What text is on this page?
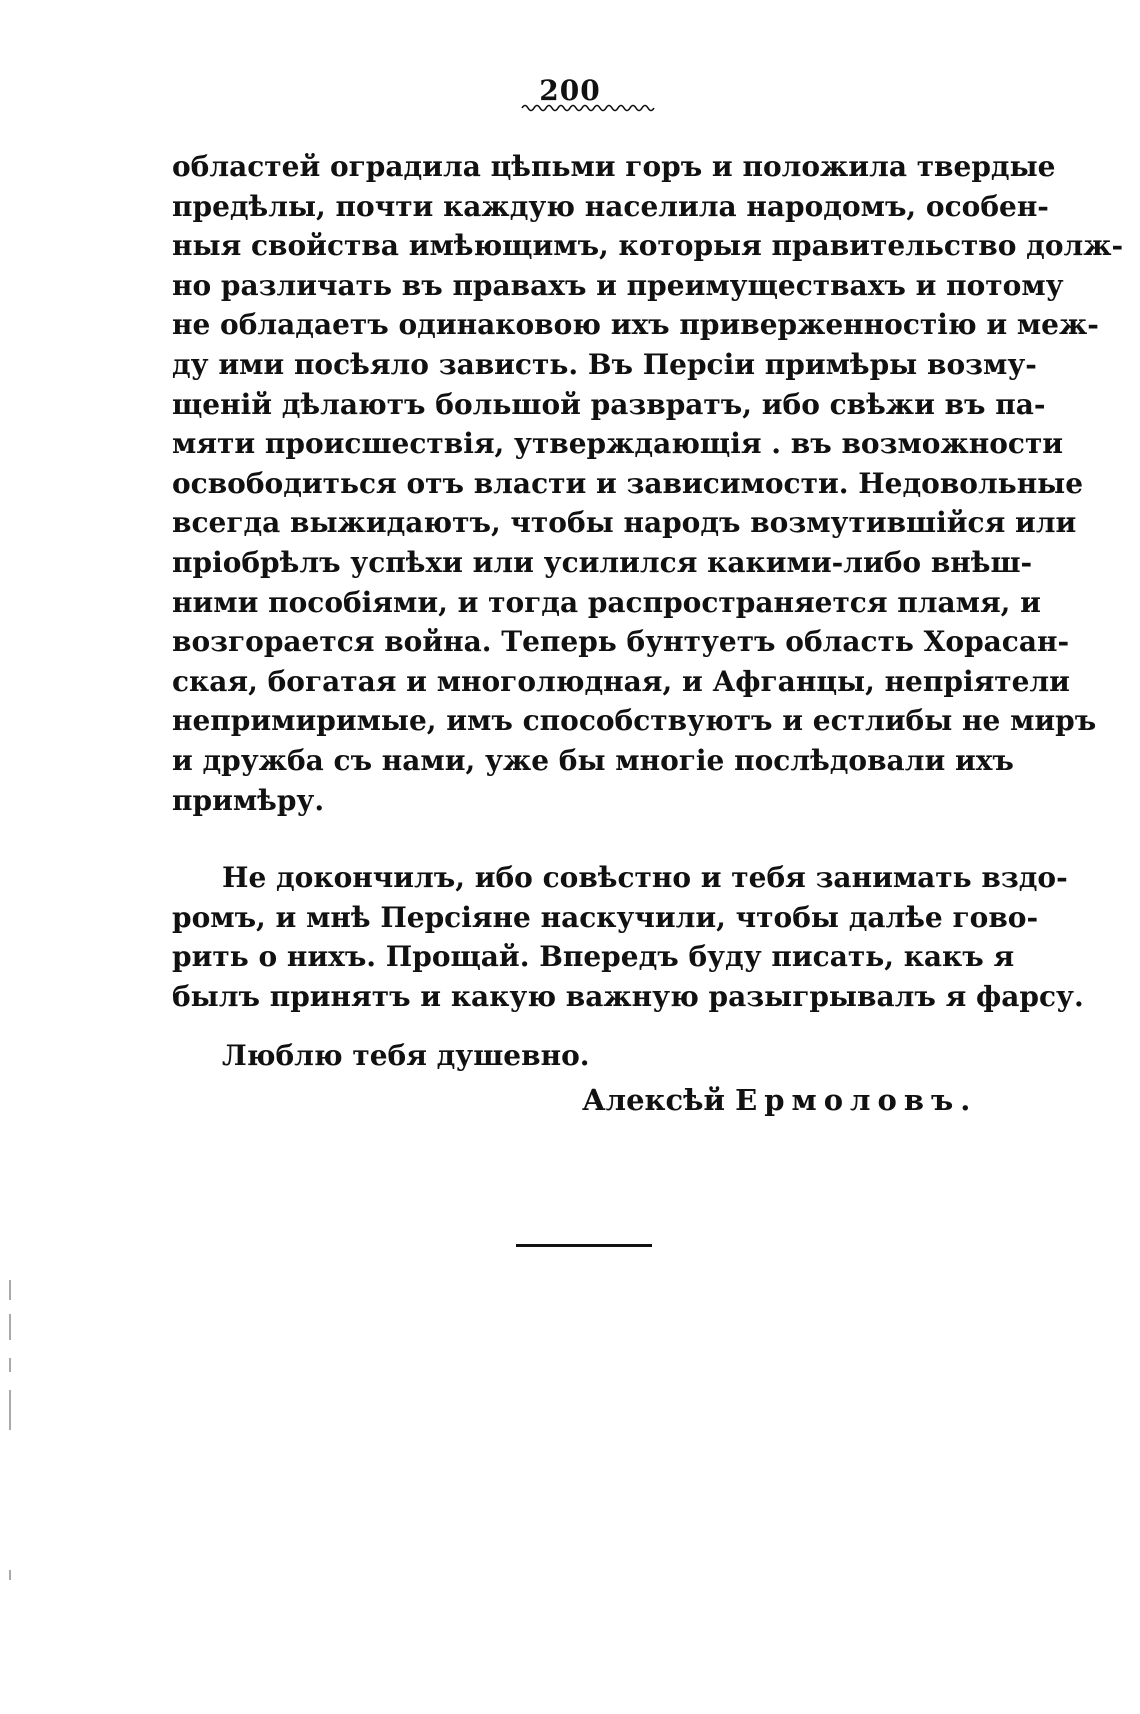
200
областей оградила цѣпьми горъ и положила твердые
предѣлы, почти каждую населила народомъ, особен-
ныя свойства имѣющимъ, которыя правительство долж-
но различать въ правахъ и преимуществахъ и потому
не обладаетъ одинаковою ихъ приверженностію и меж-
ду ими посѣяло зависть. Въ Персіи примѣры возму-
щеній дѣлаютъ большой развратъ, ибо свѣжи въ па-
мяти происшествія, утверждающія . въ возможности
освободиться отъ власти и зависимости. Недовольные
всегда выжидаютъ, чтобы народъ возмутившійся или
пріобрѣлъ успѣхи или усилился какими-либо внѣш-
ними пособіями, и тогда распространяется пламя, и
возгорается война. Теперь бунтуетъ область Хорасан-
ская, богатая и многолюдная, и Афганцы, непріятели
непримиримые, имъ способствуютъ и естлибы не миръ
и дружба съ нами, уже бы многіе послѣдовали ихъ
примѣру.
Не докончилъ, ибо совѣстно и тебя занимать вздо-
ромъ, и мнѣ Персіяне наскучили, чтобы далѣе гово-
рить о нихъ. Прощай. Впередъ буду писать, какъ я
былъ принятъ и какую важную разыгрывалъ я фарсу.
Люблю тебя душевно.
Алексѣй Ермоловъ.
